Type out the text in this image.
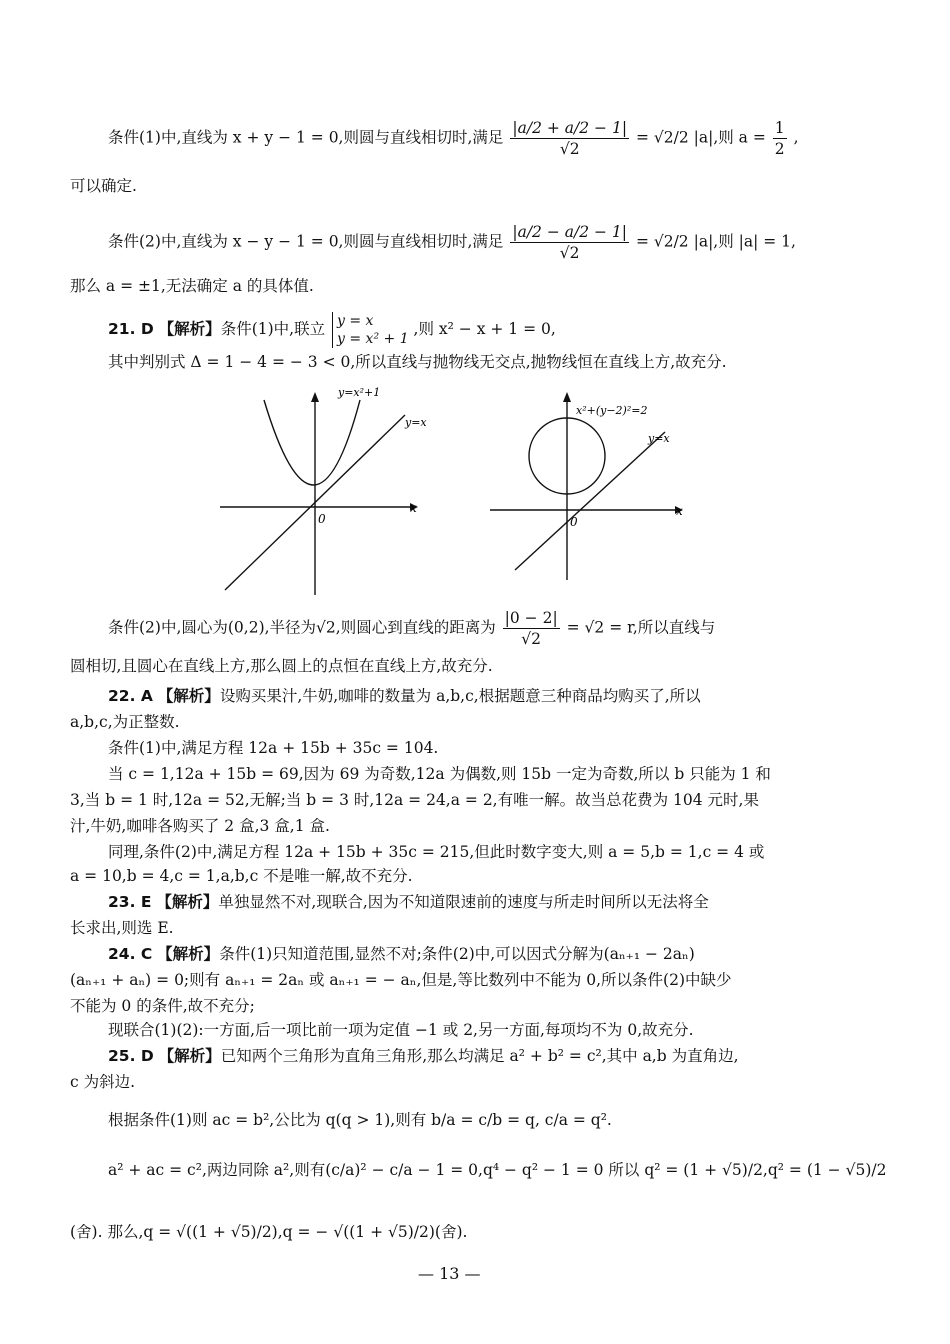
条件(1)中,直线为 x + y − 1 = 0,则圆与直线相切时,满足 $\frac{|a/2 + a/2 - 1|}{√2} = √2/2$ |a|,则 $a = \frac{1}{2}$ ,
可以确定.
条件(2)中,直线为 x − y − 1 = 0,则圆与直线相切时,满足 $\frac{|a/2 - a/2 - 1|}{√2} = √2/2$ |a|,则 |a| = 1,
那么 a = ±1,无法确定 a 的具体值.
21. D 【解析】条件(1)中,联立 y = x
y = x² + 1
,则 x² − x + 1 = 0,
其中判别式 Δ = 1 − 4 = − 3 < 0,所以直线与抛物线无交点,抛物线恒在直线上方,故充分.
y=x²+1
y=x
0
x
x²+(y−2)²=2
y=x
0
x
条件(2)中,圆心为(0,2),半径为√2,则圆心到直线的距离为 $\frac{|0 - 2|}{√2} = √2 = r$,所以直线与
圆相切,且圆心在直线上方,那么圆上的点恒在直线上方,故充分.
22. A 【解析】设购买果汁,牛奶,咖啡的数量为 a,b,c,根据题意三种商品均购买了,所以
a,b,c,为正整数.
条件(1)中,满足方程 12a + 15b + 35c = 104.
当 c = 1,12a + 15b = 69,因为 69 为奇数,12a 为偶数,则 15b 一定为奇数,所以 b 只能为 1 和
3,当 b = 1 时,12a = 52,无解;当 b = 3 时,12a = 24,a = 2,有唯一解。故当总花费为 104 元时,果
汁,牛奶,咖啡各购买了 2 盒,3 盒,1 盒.
同理,条件(2)中,满足方程 12a + 15b + 35c = 215,但此时数字变大,则 a = 5,b = 1,c = 4 或
a = 10,b = 4,c = 1,a,b,c 不是唯一解,故不充分.
23. E 【解析】单独显然不对,现联合,因为不知道限速前的速度与所走时间所以无法将全
长求出,则选 E.
24. C 【解析】条件(1)只知道范围,显然不对;条件(2)中,可以因式分解为(aₙ₊₁ − 2aₙ)
(aₙ₊₁ + aₙ) = 0;则有 aₙ₊₁ = 2aₙ 或 aₙ₊₁ = − aₙ,但是,等比数列中不能为 0,所以条件(2)中缺少
不能为 0 的条件,故不充分;
现联合(1)(2):一方面,后一项比前一项为定值 −1 或 2,另一方面,每项均不为 0,故充分.
25. D 【解析】已知两个三角形为直角三角形,那么均满足 a² + b² = c²,其中 a,b 为直角边,
c 为斜边.
根据条件(1)则 ac = b²,公比为 q(q > 1),则有 b/a = c/b = q, c/a = q².
a² + ac = c²,两边同除 a²,则有(c/a)² − c/a − 1 = 0,q⁴ − q² − 1 = 0 所以 q² = (1 + √5)/2,q² = (1 − √5)/2
(舍). 那么,q = √((1 + √5)/2),q = − √((1 + √5)/2)(舍).
— 13 —
